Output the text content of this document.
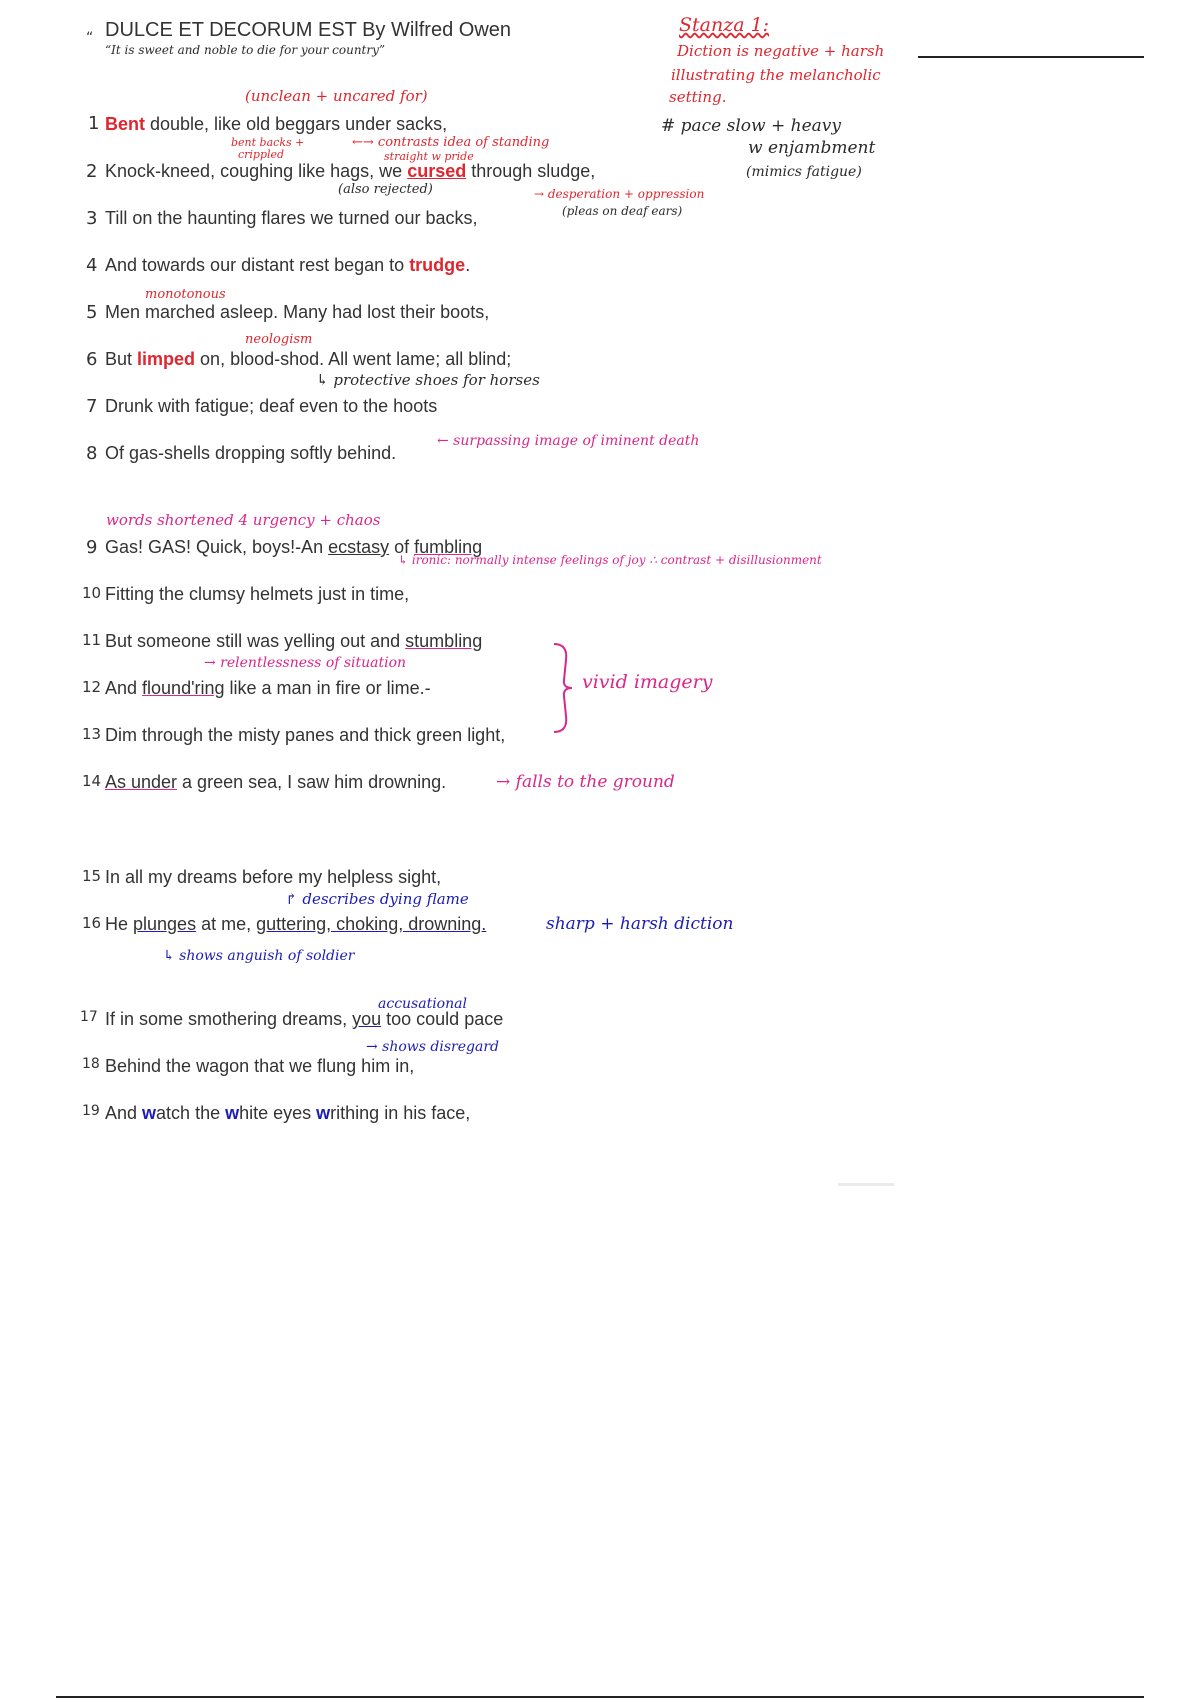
“ DULCE ET DECORUM EST By Wilfred Owen
“It is sweet and noble to die for your country”
Stanza 1:
Diction is negative + harsh
illustrating the melancholic
setting.
# pace slow + heavy
w enjambment
(mimics fatigue)
(unclean + uncared for)
bent backs +
crippled
←→ contrasts idea of standing
straight w pride
(also rejected)	→ desperation + oppression
(pleas on deaf ears)
monotonous
neologism
↳ protective shoes for horses
← surpassing image of iminent death
words shortened 4 urgency + chaos
↳ ironic: normally intense feelings of joy ∴ contrast + disillusionment
→ relentlessness of situation
vivid imagery
→ falls to the ground
↱ describes dying flame
sharp + harsh diction
↳ shows anguish of soldier
accusational
→ shows disregard
1
2
3
4
5
6
7
8
9
10
11
12
13
14
15
16
17
18
19
Bent double, like old beggars under sacks,
Knock-kneed, coughing like hags, we cursed through sludge,
Till on the haunting flares we turned our backs,
And towards our distant rest began to trudge.
Men marched asleep. Many had lost their boots,
But limped on, blood-shod. All went lame; all blind;
Drunk with fatigue; deaf even to the hoots
Of gas-shells dropping softly behind.
Gas! GAS! Quick, boys!-An ecstasy of fumbling
Fitting the clumsy helmets just in time,
But someone still was yelling out and stumbling
And flound'ring like a man in fire or lime.-
Dim through the misty panes and thick green light,
As under a green sea, I saw him drowning.
In all my dreams before my helpless sight,
He plunges at me, guttering, choking, drowning.
If in some smothering dreams, you too could pace
Behind the wagon that we flung him in,
And watch the white eyes writhing in his face,
